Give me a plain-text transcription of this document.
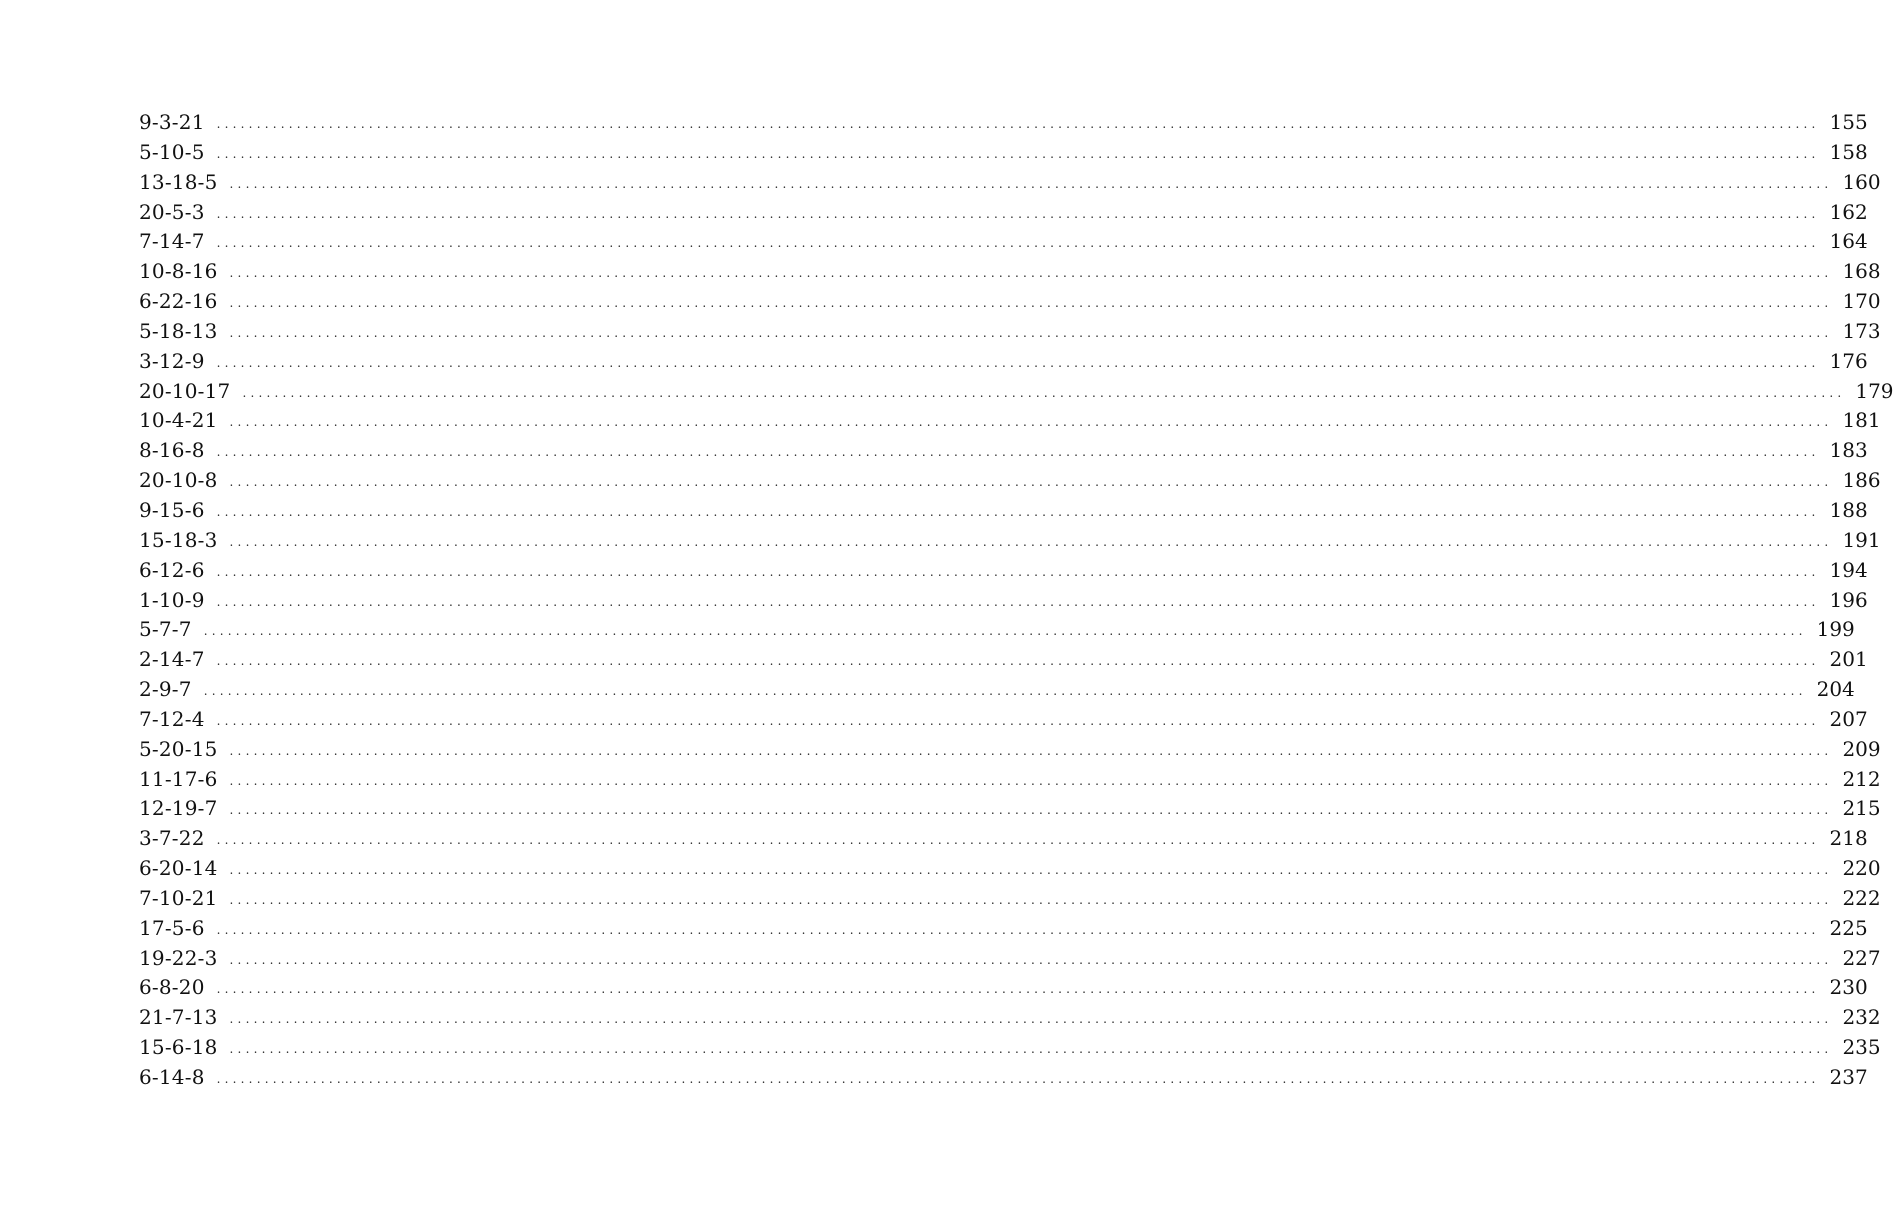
9-3-21 ........................................................................................................................................................................................................ 155
5-10-5 ........................................................................................................................................................................................................ 158
13-18-5 ........................................................................................................................................................................................................ 160
20-5-3 ........................................................................................................................................................................................................ 162
7-14-7 ........................................................................................................................................................................................................ 164
10-8-16 ........................................................................................................................................................................................................ 168
6-22-16 ........................................................................................................................................................................................................ 170
5-18-13 ........................................................................................................................................................................................................ 173
3-12-9 ........................................................................................................................................................................................................ 176
20-10-17 ........................................................................................................................................................................................................ 179
10-4-21 ........................................................................................................................................................................................................ 181
8-16-8 ........................................................................................................................................................................................................ 183
20-10-8 ........................................................................................................................................................................................................ 186
9-15-6 ........................................................................................................................................................................................................ 188
15-18-3 ........................................................................................................................................................................................................ 191
6-12-6 ........................................................................................................................................................................................................ 194
1-10-9 ........................................................................................................................................................................................................ 196
5-7-7 ........................................................................................................................................................................................................ 199
2-14-7 ........................................................................................................................................................................................................ 201
2-9-7 ........................................................................................................................................................................................................ 204
7-12-4 ........................................................................................................................................................................................................ 207
5-20-15 ........................................................................................................................................................................................................ 209
11-17-6 ........................................................................................................................................................................................................ 212
12-19-7 ........................................................................................................................................................................................................ 215
3-7-22 ........................................................................................................................................................................................................ 218
6-20-14 ........................................................................................................................................................................................................ 220
7-10-21 ........................................................................................................................................................................................................ 222
17-5-6 ........................................................................................................................................................................................................ 225
19-22-3 ........................................................................................................................................................................................................ 227
6-8-20 ........................................................................................................................................................................................................ 230
21-7-13 ........................................................................................................................................................................................................ 232
15-6-18 ........................................................................................................................................................................................................ 235
6-14-8 ........................................................................................................................................................................................................ 237
